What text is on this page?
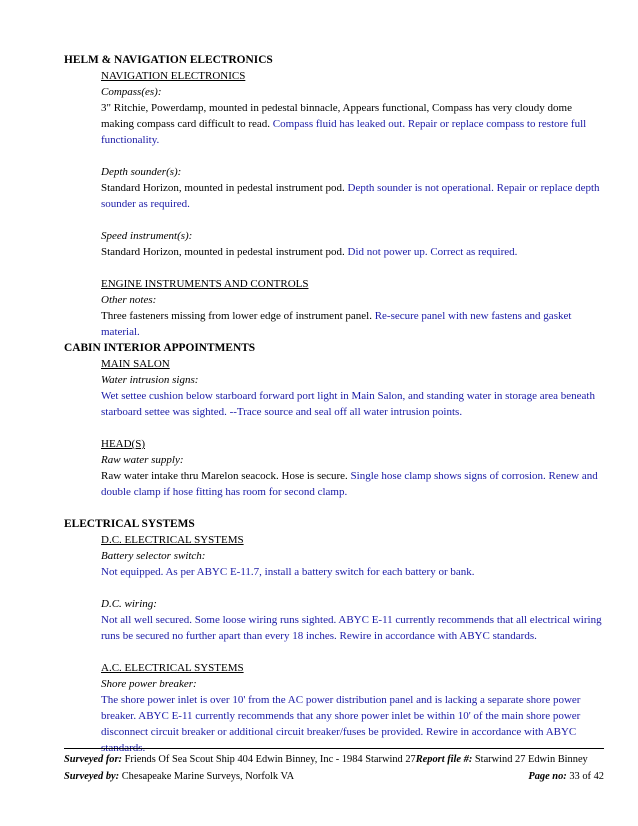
HELM & NAVIGATION ELECTRONICS
NAVIGATION ELECTRONICS
Compass(es):
3" Ritchie, Powerdamp, mounted in pedestal binnacle, Appears functional, Compass has very cloudy dome making compass card difficult to read. Compass fluid has leaked out. Repair or replace compass to restore full functionality.
Depth sounder(s):
Standard Horizon, mounted in pedestal instrument pod. Depth sounder is not operational. Repair or replace depth sounder as required.
Speed instrument(s):
Standard Horizon, mounted in pedestal instrument pod. Did not power up. Correct as required.
ENGINE INSTRUMENTS AND CONTROLS
Other notes:
Three fasteners missing from lower edge of instrument panel. Re-secure panel with new fastens and gasket material.
CABIN INTERIOR APPOINTMENTS
MAIN SALON
Water intrusion signs:
Wet settee cushion below starboard forward port light in Main Salon, and standing water in storage area beneath starboard settee was sighted. --Trace source and seal off all water intrusion points.
HEAD(S)
Raw water supply:
Raw water intake thru Marelon seacock. Hose is secure. Single hose clamp shows signs of corrosion. Renew and double clamp if hose fitting has room for second clamp.
ELECTRICAL SYSTEMS
D.C. ELECTRICAL SYSTEMS
Battery selector switch:
Not equipped. As per ABYC E-11.7, install a battery switch for each battery or bank.
D.C. wiring:
Not all well secured. Some loose wiring runs sighted. ABYC E-11 currently recommends that all electrical wiring runs be secured no further apart than every 18 inches. Rewire in accordance with ABYC standards.
A.C. ELECTRICAL SYSTEMS
Shore power breaker:
The shore power inlet is over 10' from the AC power distribution panel and is lacking a separate shore power breaker. ABYC E-11 currently recommends that any shore power inlet be within 10' of the main shore power disconnect circuit breaker or additional circuit breaker/fuses be provided. Rewire in accordance with ABYC standards.
Surveyed for: Friends Of Sea Scout Ship 404 Edwin Binney, Inc - 1984 Starwind 27Report file #: Starwind 27 Edwin Binney
Surveyed by: Chesapeake Marine Surveys, Norfolk VA	Page no: 33 of 42
